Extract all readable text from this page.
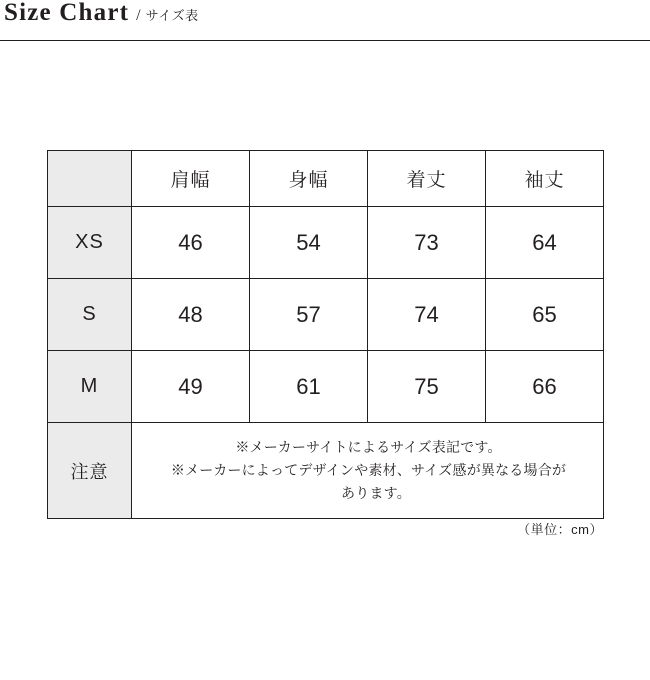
Size Chart / サイズ表
	肩幅	身幅	着丈	袖丈
XS	46	54	73	64
S	48	57	74	65
M	49	61	75	66
注意	※メーカーサイトによるサイズ表記です。
※メーカーによってデザインや素材、サイズ感が異なる場合が
あります。			
（単位：cm）
